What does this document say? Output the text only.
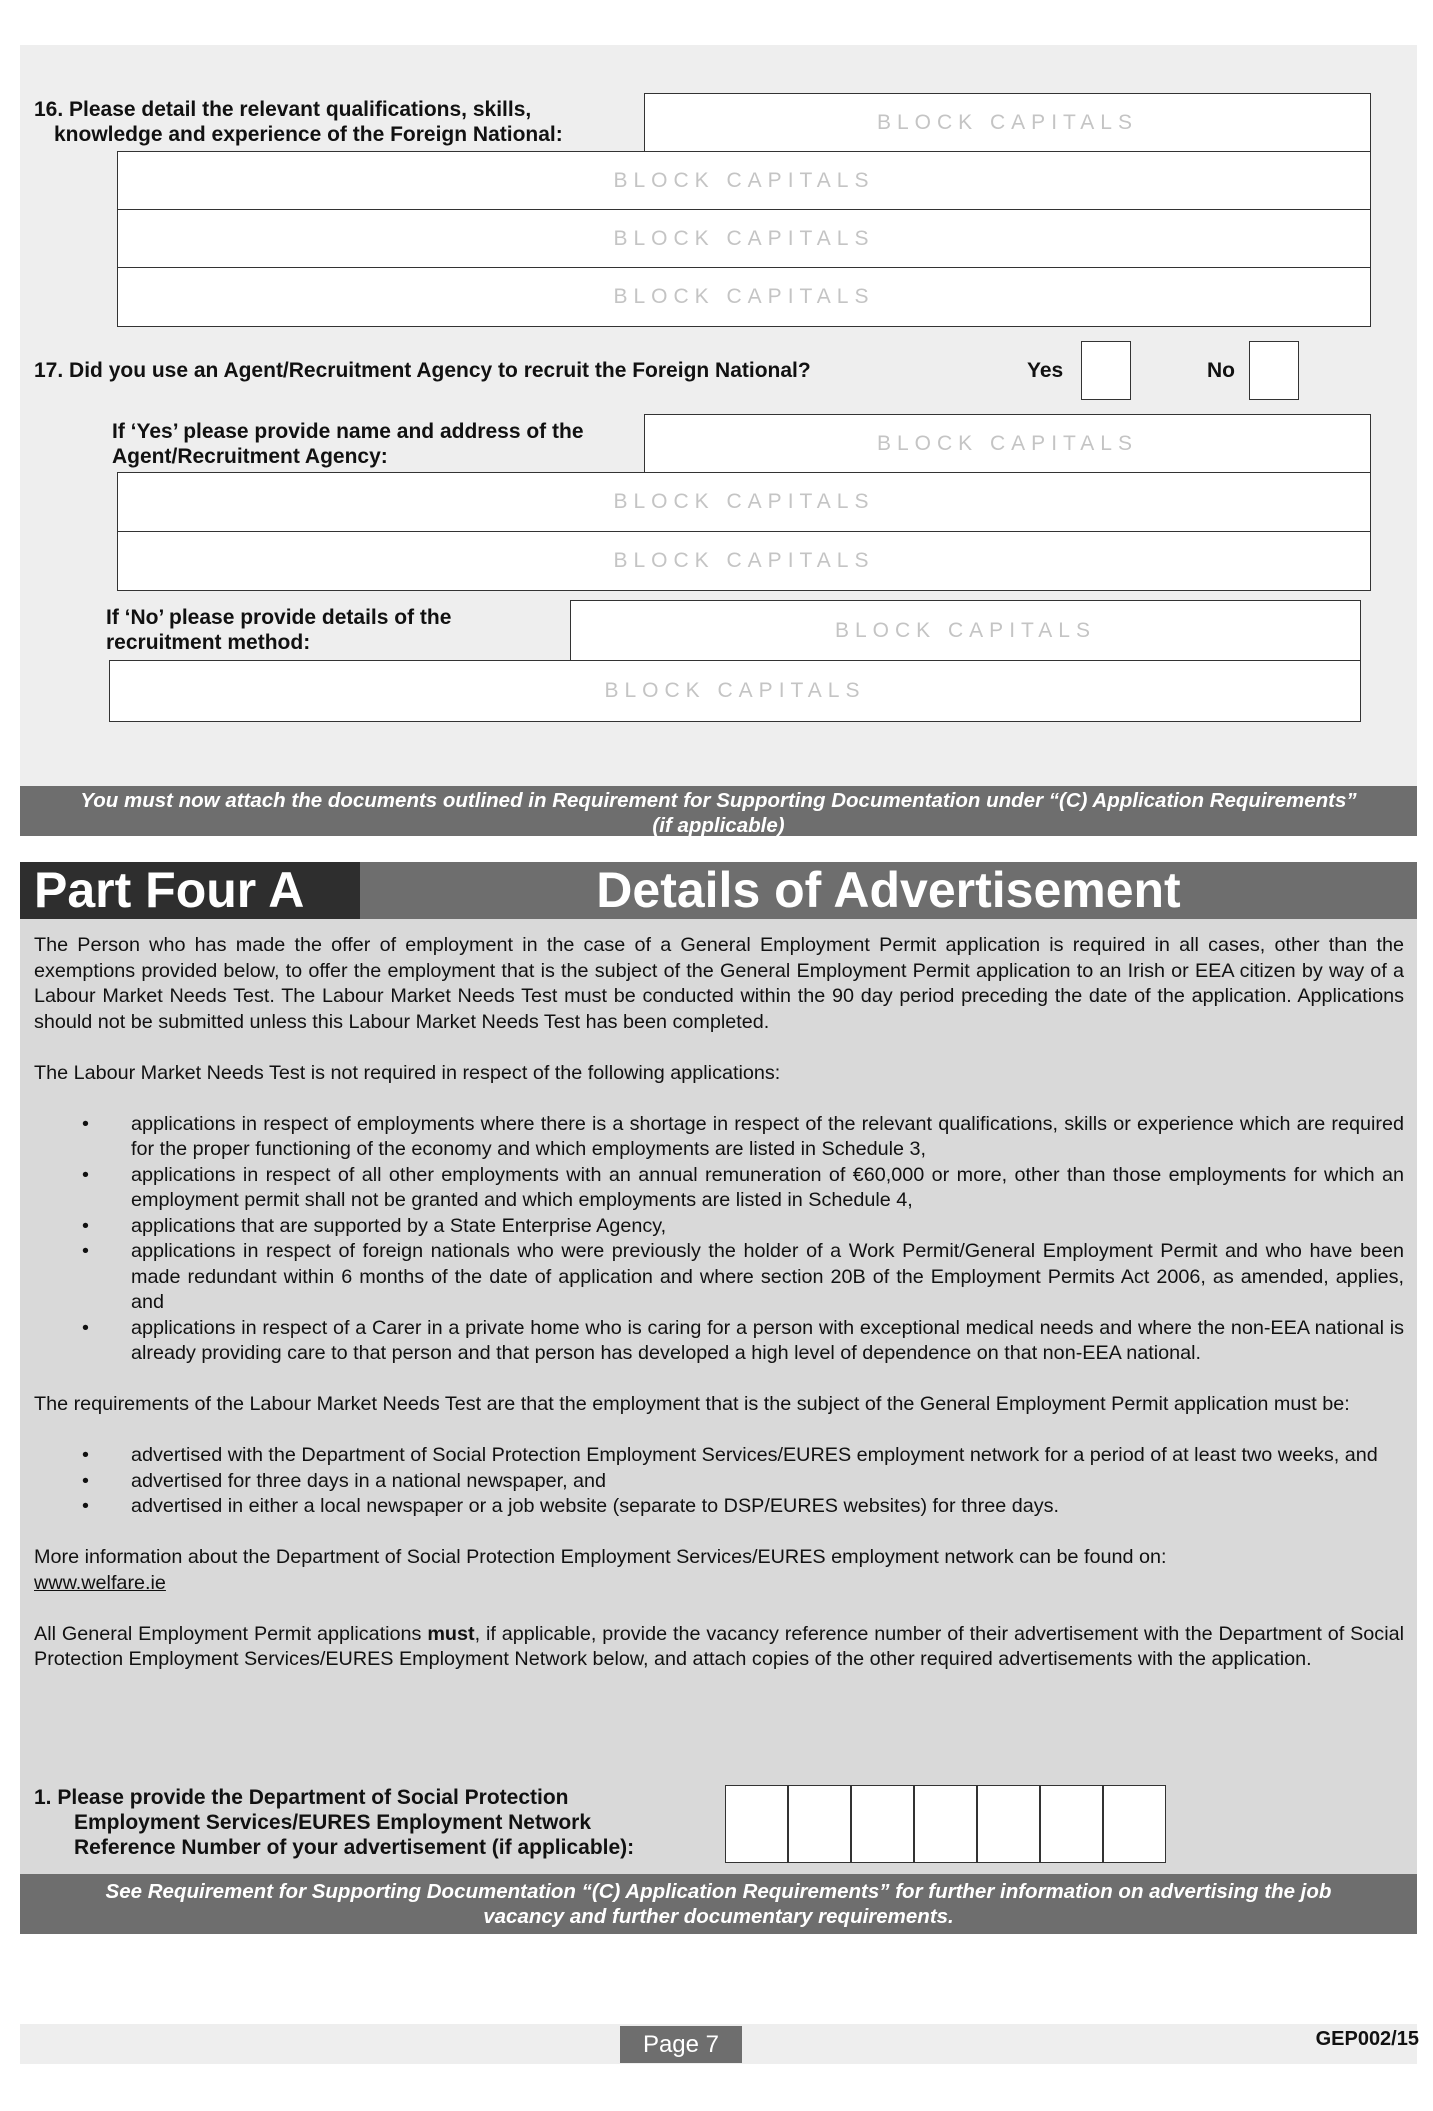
16. Please detail the relevant qualifications, skills,
knowledge and experience of the Foreign National:
BLOCK CAPITALS
BLOCK CAPITALS
BLOCK CAPITALS
BLOCK CAPITALS
17. Did you use an Agent/Recruitment Agency to recruit the Foreign National?	Yes	No
If ‘Yes’ please provide name and address of the
Agent/Recruitment Agency:
BLOCK CAPITALS
BLOCK CAPITALS
BLOCK CAPITALS
If ‘No’ please provide details of the
recruitment method:
BLOCK CAPITALS
BLOCK CAPITALS
You must now attach the documents outlined in Requirement for Supporting Documentation under “(C) Application Requirements”
(if applicable)
Part Four A	Details of Advertisement

The Person who has made the offer of employment in the case of a General Employment Permit application is required in all cases, other than the exemptions provided below, to offer the employment that is the subject of the General Employment Permit application to an Irish or EEA citizen by way of a Labour Market Needs Test. The Labour Market Needs Test must be conducted within the 90 day period preceding the date of the application. Applications should not be submitted unless this Labour Market Needs Test has been completed.

The Labour Market Needs Test is not required in respect of the following applications:

• applications in respect of employments where there is a shortage in respect of the relevant qualifications, skills or experience which are required for the proper functioning of the economy and which employments are listed in Schedule 3,
• applications in respect of all other employments with an annual remuneration of €60,000 or more, other than those employments for which an employment permit shall not be granted and which employments are listed in Schedule 4,
• applications that are supported by a State Enterprise Agency,
• applications in respect of foreign nationals who were previously the holder of a Work Permit/General Employment Permit and who have been made redundant within 6 months of the date of application and where section 20B of the Employment Permits Act 2006, as amended, applies, and
• applications in respect of a Carer in a private home who is caring for a person with exceptional medical needs and where the non-EEA national is already providing care to that person and that person has developed a high level of dependence on that non-EEA national.

The requirements of the Labour Market Needs Test are that the employment that is the subject of the General Employment Permit application must be:

• advertised with the Department of Social Protection Employment Services/EURES employment network for a period of at least two weeks, and
• advertised for three days in a national newspaper, and
• advertised in either a local newspaper or a job website (separate to DSP/EURES websites) for three days.

More information about the Department of Social Protection Employment Services/EURES employment network can be found on:

www.welfare.ie

All General Employment Permit applications must, if applicable, provide the vacancy reference number of their advertisement with the Department of Social Protection Employment Services/EURES Employment Network below, and attach copies of the other required advertisements with the application.

1. Please provide the Department of Social Protection
Employment Services/EURES Employment Network
Reference Number of your advertisement (if applicable):
See Requirement for Supporting Documentation “(C) Application Requirements” for further information on advertising the job
vacancy and further documentary requirements.
Page 7	GEP002/15
